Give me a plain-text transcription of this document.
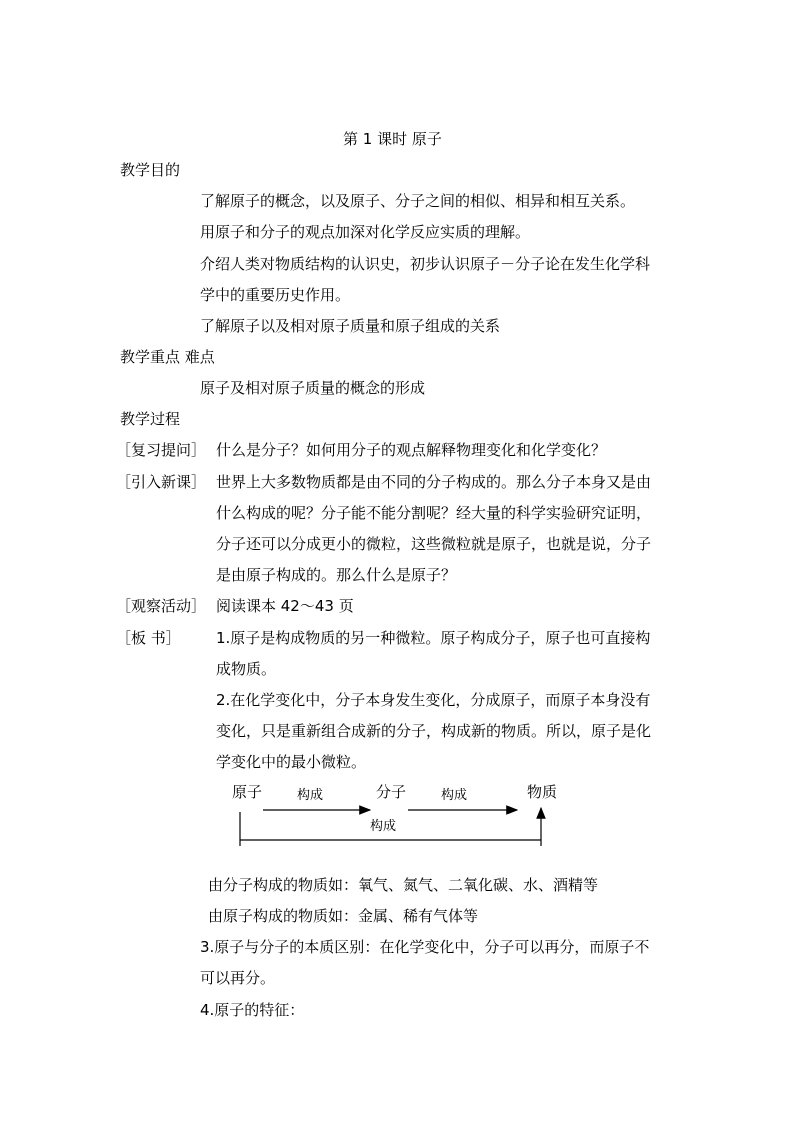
第 1 课时 原子
教学目的
了解原子的概念，以及原子、分子之间的相似、相异和相互关系。
用原子和分子的观点加深对化学反应实质的理解。
介绍人类对物质结构的认识史，初步认识原子－分子论在发生化学科
学中的重要历史作用。
了解原子以及相对原子质量和原子组成的关系
教学重点 难点
原子及相对原子质量的概念的形成
教学过程
［复习提问］ 什么是分子？如何用分子的观点解释物理变化和化学变化？
［引入新课］ 世界上大多数物质都是由不同的分子构成的。那么分子本身又是由
什么构成的呢？分子能不能分割呢？经大量的科学实验研究证明，
分子还可以分成更小的微粒，这些微粒就是原子，也就是说，分子
是由原子构成的。那么什么是原子？
［观察活动］ 阅读课本 42～43 页
［板 书］ 1.原子是构成物质的另一种微粒。原子构成分子，原子也可直接构
成物质。
2.在化学变化中，分子本身发生变化，分成原子，而原子本身没有
变化，只是重新组合成新的分子，构成新的物质。所以，原子是化
学变化中的最小微粒。
原子	分子	物质
构成	构成
构成
由分子构成的物质如：氧气、氮气、二氧化碳、水、酒精等
由原子构成的物质如：金属、稀有气体等
3.原子与分子的本质区别：在化学变化中，分子可以再分，而原子不
可以再分。
4.原子的特征：
